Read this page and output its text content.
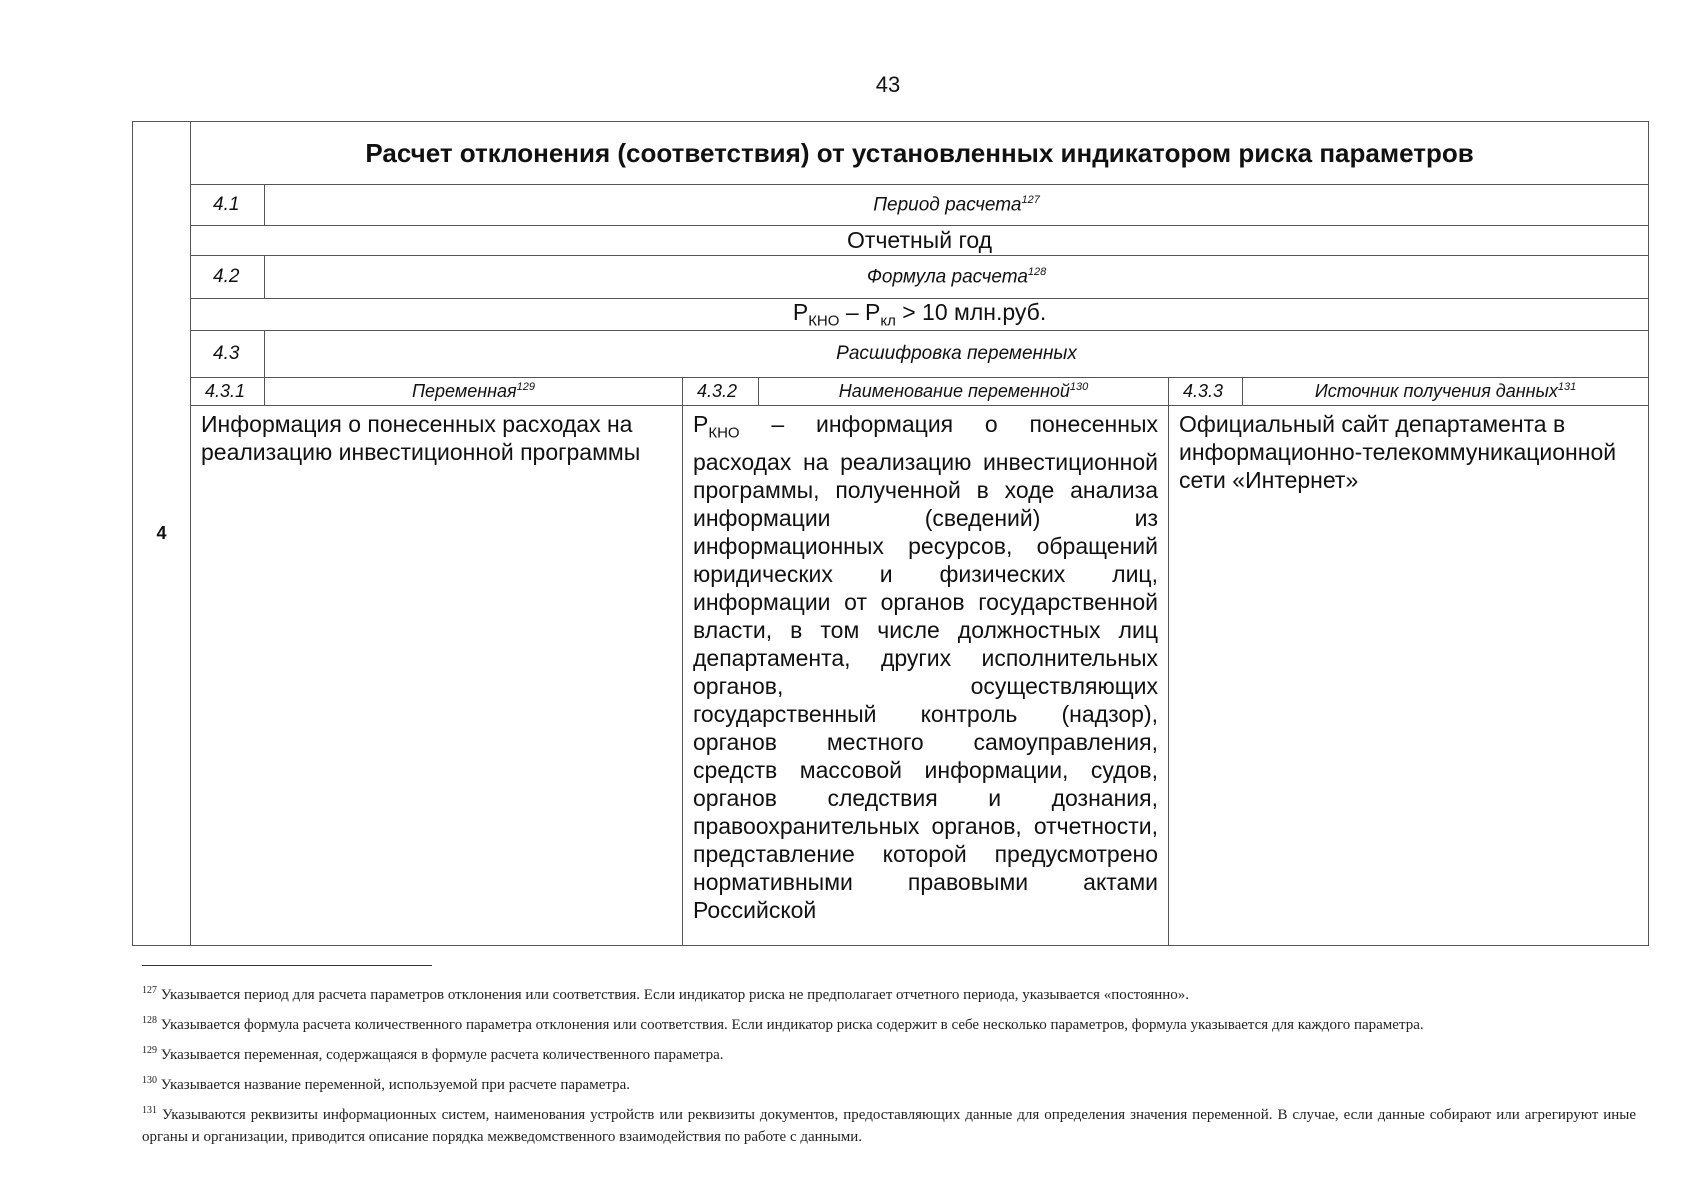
43
4	Расчет отклонения (соответствия) от установленных индикатором риска параметров					
	4.1	Период расчета$^{127}$
	Отчетный год					
	4.2	Формула расчета$^{128}$
	$P_{КНО} - P_{кл} > 10$ млн.руб.					
	4.3	Расшифровка переменных				
	4.3.1	Переменная$^{129}$	4.3.2	Наименование переменной$^{130}$	4.3.3	Источник получения данных$^{131}$
	Информация о понесенных расходах на реализацию инвестиционной программы		$P_{КНО}$ – информация о понесенных расходах на реализацию инвестиционной программы, полученной в ходе анализа информации (сведений) из информационных ресурсов, обращений юридических и физических лиц, информации от органов государственной власти, в том числе должностных лиц департамента, других исполнительных органов, осуществляющих государственный контроль (надзор), органов местного самоуправления, средств массовой информации, судов, органов следствия и дознания, правоохранительных органов, отчетности, представление которой предусмотрено нормативными правовыми актами Российской		Официальный сайт департамента в информационно-телекоммуникационной сети «Интернет»	

$^{127}$ Указывается период для расчета параметров отклонения или соответствия. Если индикатор риска не предполагает отчетного периода, указывается «постоянно».

$^{128}$ Указывается формула расчета количественного параметра отклонения или соответствия. Если индикатор риска содержит в себе несколько параметров, формула указывается для каждого параметра.

$^{129}$ Указывается переменная, содержащаяся в формуле расчета количественного параметра.

$^{130}$ Указывается название переменной, используемой при расчете параметра.

$^{131}$ Указываются реквизиты информационных систем, наименования устройств или реквизиты документов, предоставляющих данные для определения значения переменной. В случае, если данные собирают или агрегируют иные органы и организации, приводится описание порядка межведомственного взаимодействия по работе с данными.
